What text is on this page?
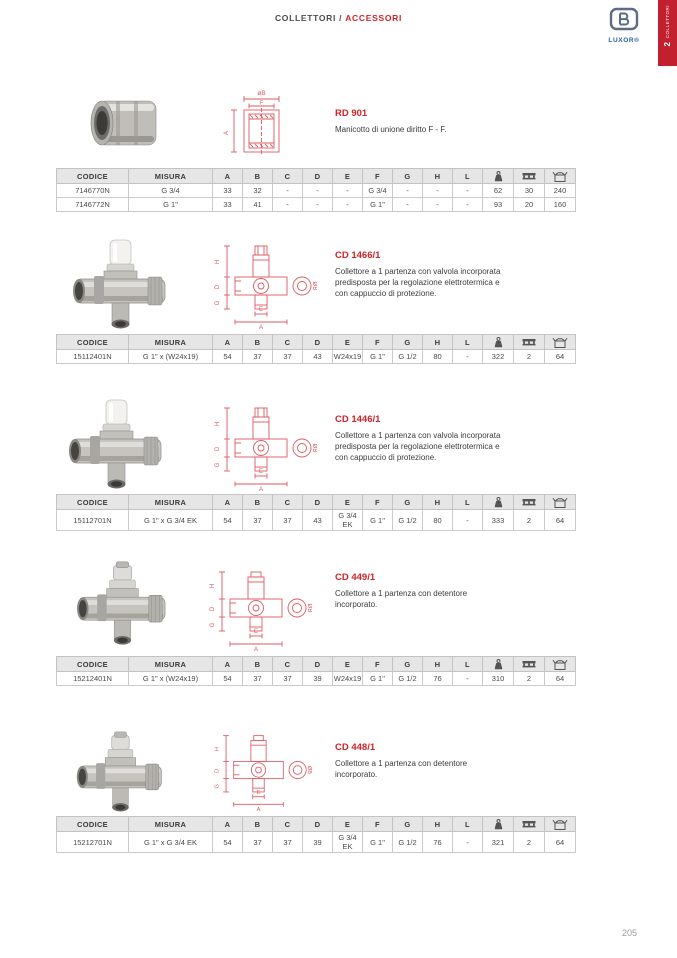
COLLETTORI / ACCESSORI
LUXOR®
COLLETTORI
2
øB
F
A
RD 901

Manicotto di unione diritto F - F.

CODICE	MISURA	A	B	C	D	E	F	G	H	L	

7146770N	G 3/4	33	32	-	-	-	G 3/4	-	-	-	62	30	240
7146772N	G 1"	33	41	-	-	-	G 1"	-	-	-	93	20	160
H
D
G
E
A
ØB
CD 1466/1

Collettore a 1 partenza con valvola incorporata predisposta per la regolazione elettrotermica e con cappuccio di protezione.

CODICE	MISURA	A	B	C	D	E	F	G	H	L	

15112401N	G 1" x (W24x19)	54	37	37	43	W24x19	G 1"	G 1/2	80	-	322	2	64
H
D
G
E
A
ØB
CD 1446/1

Collettore a 1 partenza con valvola incorporata predisposta per la regolazione elettrotermica e con cappuccio di protezione.

CODICE	MISURA	A	B	C	D	E	F	G	H	L	

15112701N	G 1" x G 3/4 EK	54	37	37	43	G 3/4 EK	G 1"	G 1/2	80	-	333	2	64
H
D
G
E
A
ØB
CD 449/1

Collettore a 1 partenza con detentore incorporato.

CODICE	MISURA	A	B	C	D	E	F	G	H	L	

15212401N	G 1" x (W24x19)	54	37	37	39	W24x19	G 1"	G 1/2	76	-	310	2	64
H
D
G
E
A
ØB
CD 448/1

Collettore a 1 partenza con detentore incorporato.

CODICE	MISURA	A	B	C	D	E	F	G	H	L	

15212701N	G 1" x G 3/4 EK	54	37	37	39	G 3/4 EK	G 1"	G 1/2	76	-	321	2	64
205
